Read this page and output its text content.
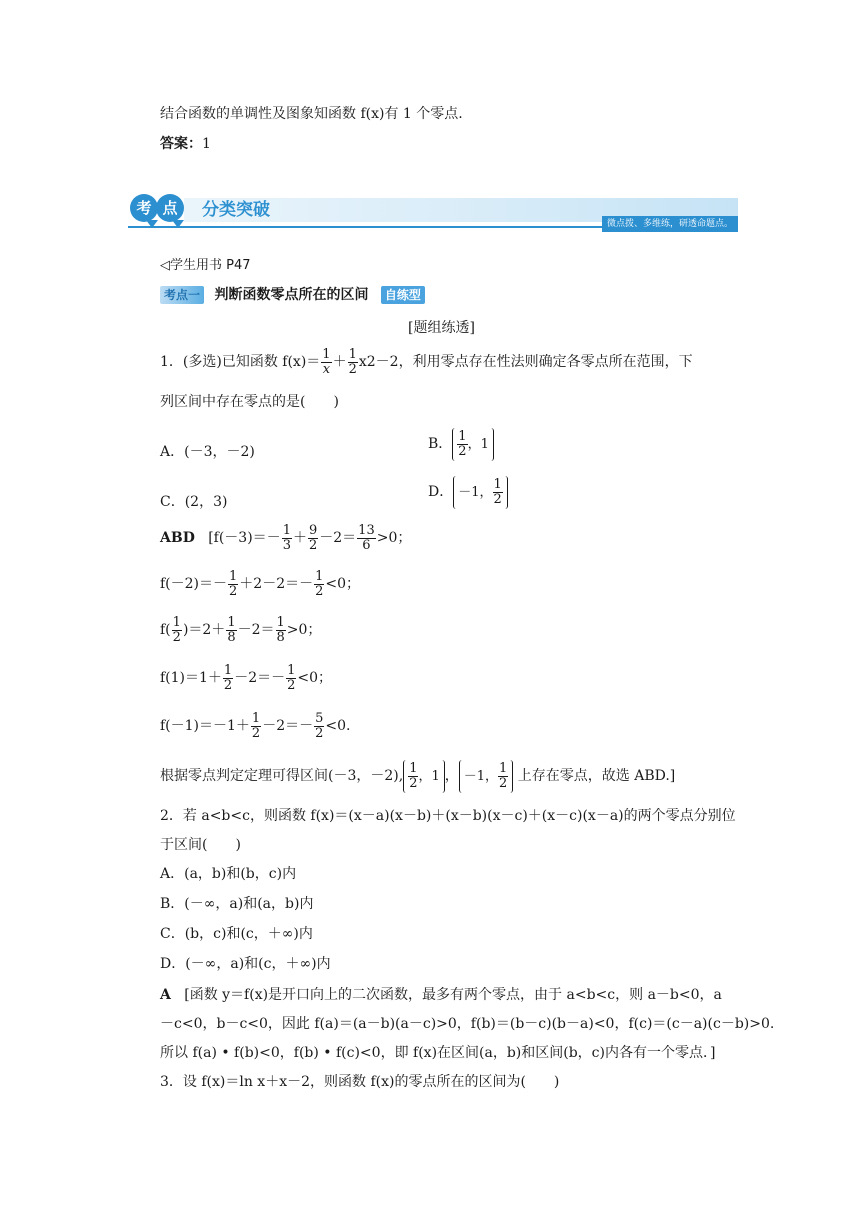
结合函数的单调性及图象知函数 f(x)有 1 个零点.
答案：1
考 点	分类突破
微点拨、多维练，研透命题点。
◁学生用书 P47
考点一 判断函数零点所在的区间 自练型
[题组练透]
1．(多选)已知函数 $f(x)= \frac{1}{x} + \frac{1}{2} x2-2$，利用零点存在性法则确定各零点所在范围，下
列区间中存在零点的是(　　)
A．(－3，－2)	B． $\frac{1}{2}$ ，1
C．(2，3)
D． －1， $\frac{1}{2}$
ABD [$f(-3)=- \frac{1}{3} + \frac{9}{2} -2= \frac{13}{6} >0$；
$f(-2)=- \frac{1}{2} +2-2=- \frac{1}{2} <0$；
$f( \frac{1}{2} )=2+ \frac{1}{8} -2= \frac{1}{8} >0$；
$f(1)=1+ \frac{1}{2} -2=- \frac{1}{2} <0$；
$f(-1)=-1+ \frac{1}{2} -2=- \frac{5}{2} <0$.
根据零点判定定理可得区间(－3，－2), $\frac{1}{2}$ ，1 ， －1， $\frac{1}{2}$ 上存在零点，故选 ABD.]
2．若 a<b<c，则函数 f(x)＝(x－a)(x－b)＋(x－b)(x－c)＋(x－c)(x－a)的两个零点分别位
于区间(　　)
A．(a，b)和(b，c)内
B．(－∞，a)和(a，b)内
C．(b，c)和(c，＋∞)内
D．(－∞，a)和(c，＋∞)内
A [函数 y＝f(x)是开口向上的二次函数，最多有两个零点，由于 a<b<c，则 a－b<0，a
－c<0，b－c<0，因此 f(a)＝(a－b)(a－c)>0，f(b)＝(b－c)(b－a)<0，f(c)＝(c－a)(c－b)>0.
所以 f(a) • f(b)<0，f(b) • f(c)<0，即 f(x)在区间(a，b)和区间(b，c)内各有一个零点．]
3．设 f(x)＝ln x＋x－2，则函数 f(x)的零点所在的区间为(　　)
